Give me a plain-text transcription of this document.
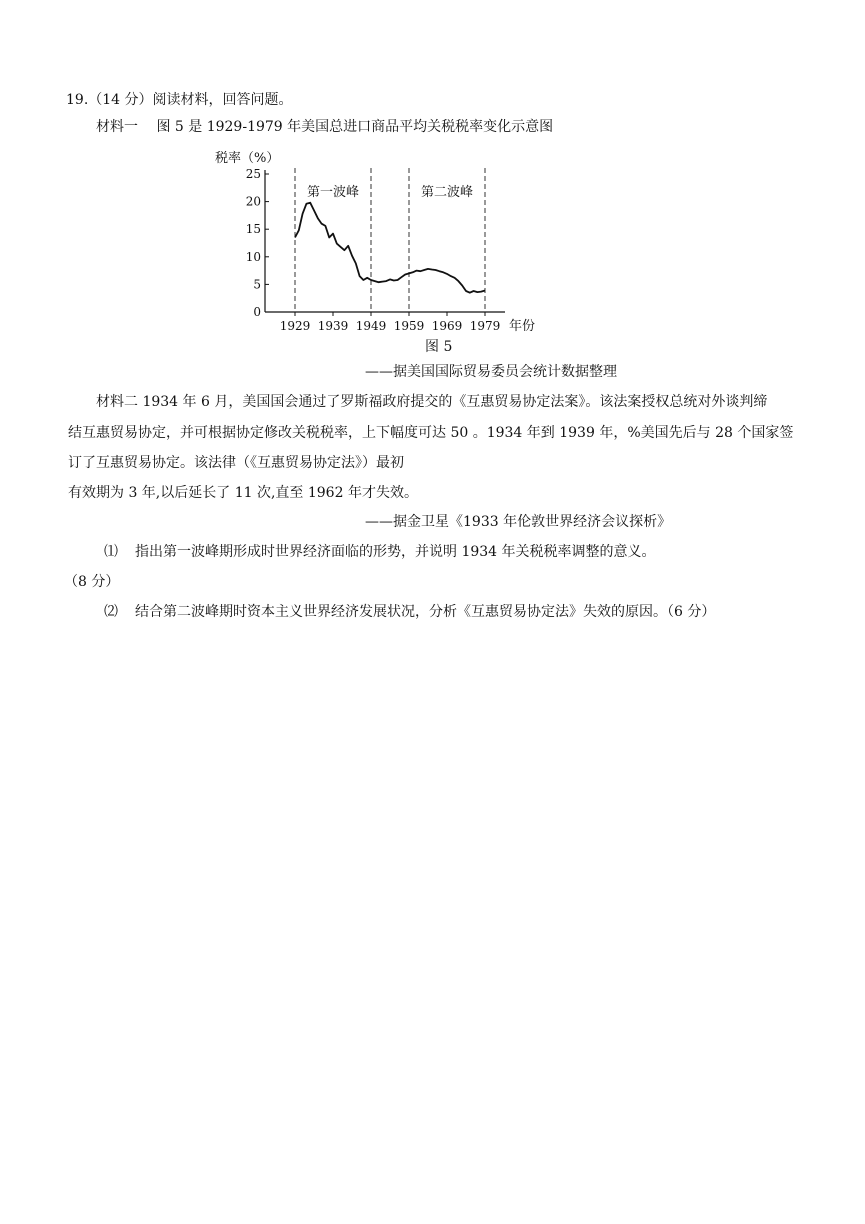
19.（14 分）阅读材料，回答问题。
材料一　 图 5 是 1929-1979 年美国总进口商品平均关税税率变化示意图
0
5
10
15
20
25
1929 1939 1949 1959 1969 1979
税率（%）
年份
第一波峰	第二波峰
图 5
——据美国国际贸易委员会统计数据整理
材料二 1934 年 6 月，美国国会通过了罗斯福政府提交的《互惠贸易协定法案》。该法案授权总统对外谈判缔
结互惠贸易协定，并可根据协定修改关税税率，上下幅度可达 50 。1934 年到 1939 年，%美国先后与 28 个国家签
订了互惠贸易协定。该法律（《互惠贸易协定法》）最初
有效期为 3 年,以后延长了 11 次,直至 1962 年才失效。
——据金卫星《1933 年伦敦世界经济会议探析》
⑴ 指出第一波峰期形成时世界经济面临的形势，并说明 1934 年关税税率调整的意义。
（8 分）
⑵ 结合第二波峰期时资本主义世界经济发展状况，分析《互惠贸易协定法》失效的原因。（6 分）
